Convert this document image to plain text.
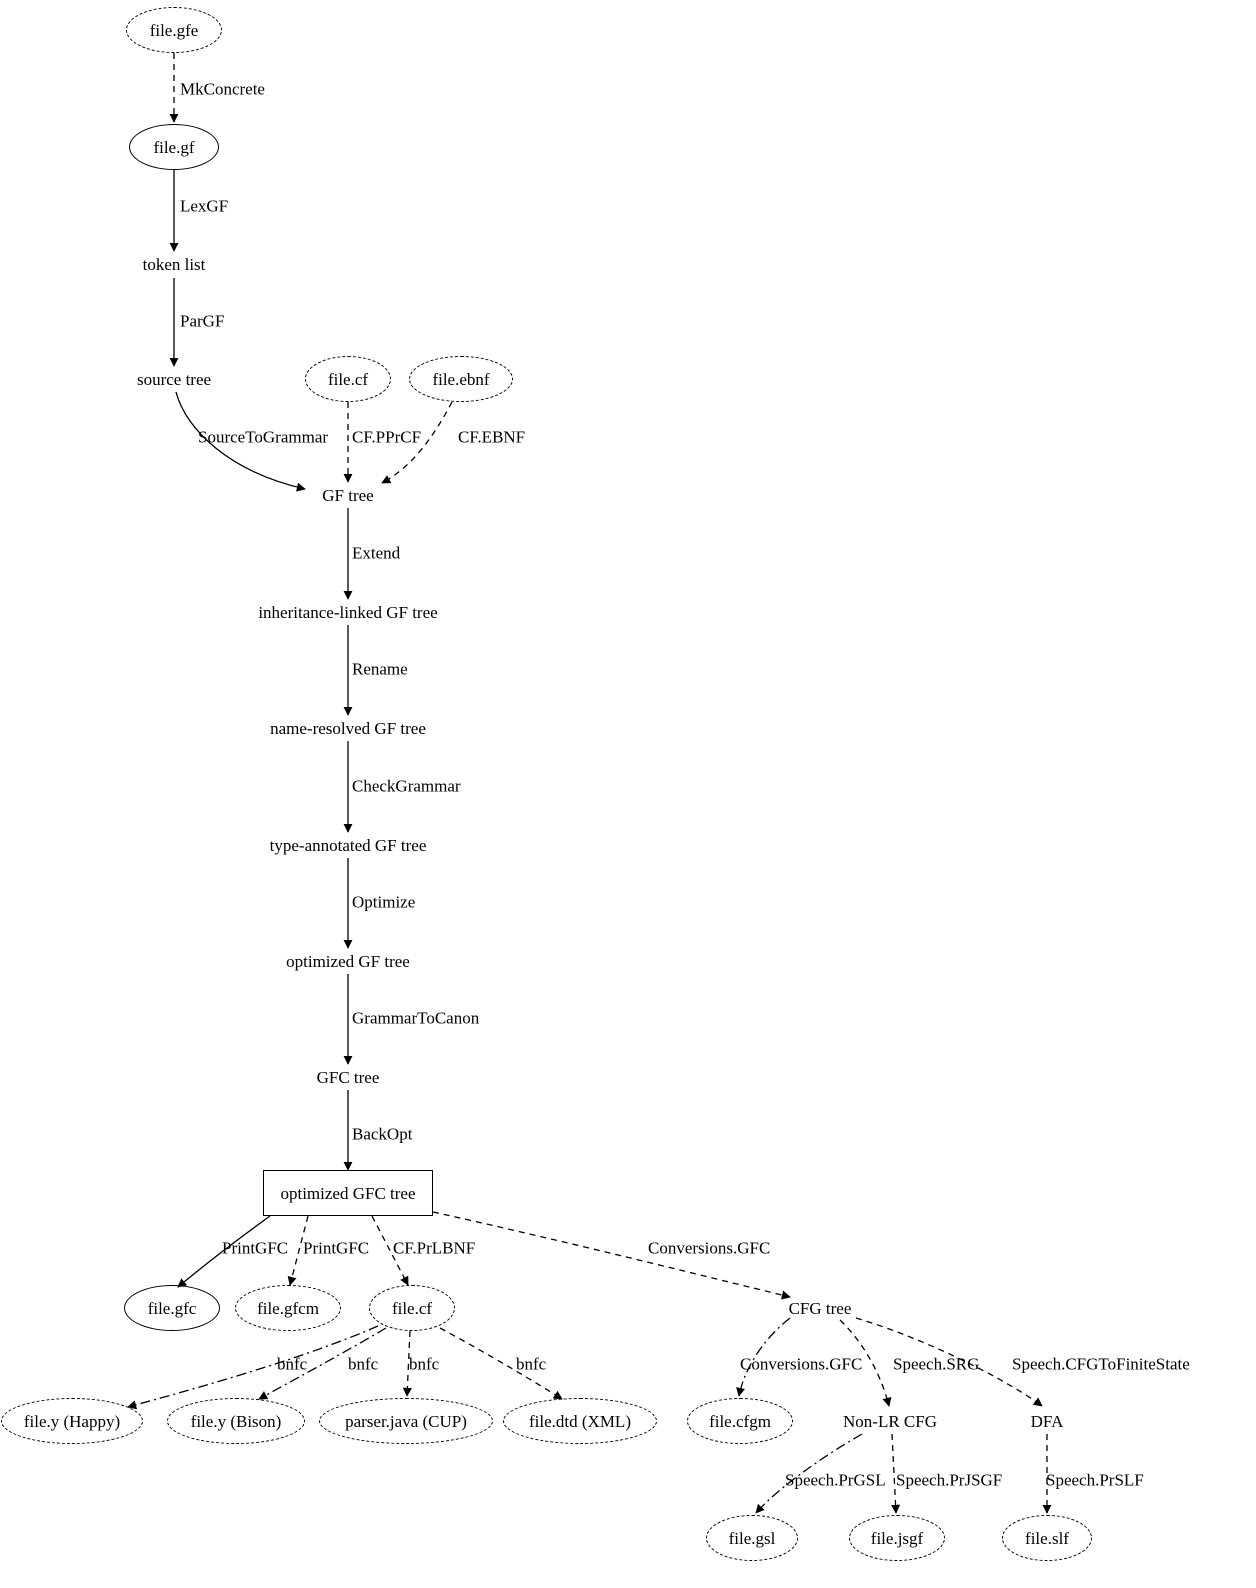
file.gfe
file.gf
token list
source tree	file.cf	file.ebnf
GF tree
inheritance-linked GF tree
name-resolved GF tree
type-annotated GF tree
optimized GF tree
GFC tree
optimized GFC tree
file.gfc	file.gfcm	file.cf	CFG tree
file.y (Happy)	file.y (Bison)	parser.java (CUP)	file.dtd (XML)	file.cfgm	Non-LR CFG	DFA
file.gsl	file.jsgf	file.slf
MkConcrete
LexGF
ParGF
SourceToGrammar CF.PPrCF CF.EBNF
Extend
Rename
CheckGrammar
Optimize
GrammarToCanon
BackOpt
PrintGFC PrintGFC CF.PrLBNF	Conversions.GFC
bnfc bnfc bnfc	bnfc	Conversions.GFC Speech.SRG Speech.CFGToFiniteState
Speech.PrGSL Speech.PrJSGF	Speech.PrSLF
